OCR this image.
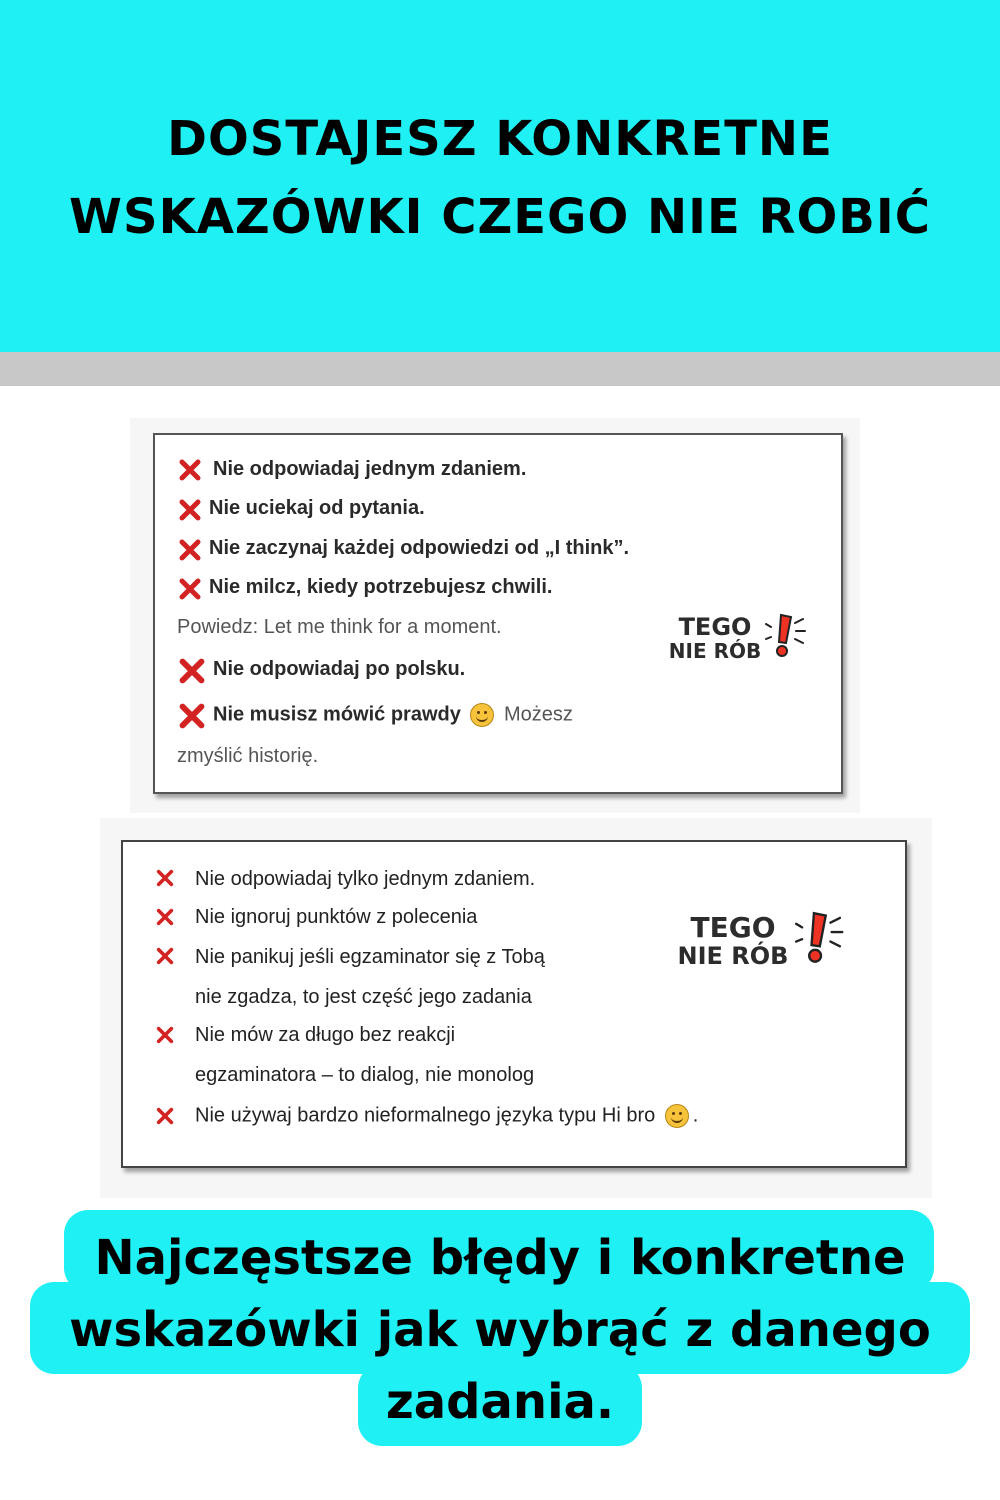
DOSTAJESZ KONKRETNE
WSKAZÓWKI CZEGO NIE ROBIĆ
Nie odpowiadaj jednym zdaniem.
Nie uciekaj od pytania.
Nie zaczynaj każdej odpowiedzi od „I think”.
Nie milcz, kiedy potrzebujesz chwili.
Powiedz: Let me think for a moment.
Nie odpowiadaj po polsku.
Nie musisz mówić prawdy Możesz
zmyślić historię.
TEGO
NIE RÓB
Nie odpowiadaj tylko jednym zdaniem.
Nie ignoruj punktów z polecenia
Nie panikuj jeśli egzaminator się z Tobą
nie zgadza, to jest część jego zadania
Nie mów za długo bez reakcji
egzaminatora – to dialog, nie monolog
Nie używaj bardzo nieformalnego języka typu Hi bro .
TEGO
NIE RÓB
Najczęstsze błędy i konkretne
wskazówki jak wybrąć z danego
zadania.
